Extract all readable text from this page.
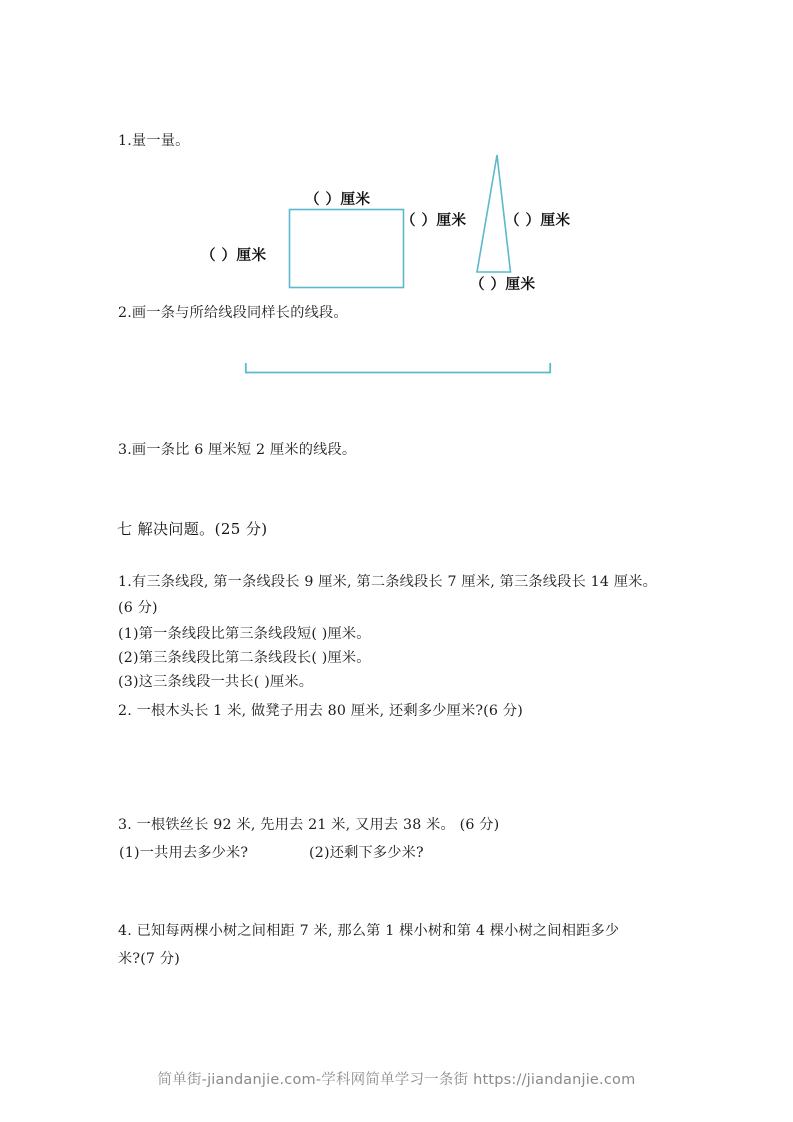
1.量一量。
（ ）厘米
（ ）厘米
（ ）厘米	（ ）厘米
（ ）厘米
2.画一条与所给线段同样长的线段。
3.画一条比 6 厘米短 2 厘米的线段。
七 解决问题。(25 分)
1.有三条线段, 第一条线段长 9 厘米, 第二条线段长 7 厘米, 第三条线段长 14 厘米。
(6 分)
(1)第一条线段比第三条线段短( )厘米。
(2)第三条线段比第二条线段长( )厘米。
(3)这三条线段一共长( )厘米。
2. 一根木头长 1 米, 做凳子用去 80 厘米, 还剩多少厘米?(6 分)
3. 一根铁丝长 92 米, 先用去 21 米, 又用去 38 米。 (6 分)
(1)一共用去多少米?	(2)还剩下多少米?
4. 已知每两棵小树之间相距 7 米, 那么第 1 棵小树和第 4 棵小树之间相距多少
米?(7 分)
简单街-jiandanjie.com-学科网简单学习一条街 https://jiandanjie.com
